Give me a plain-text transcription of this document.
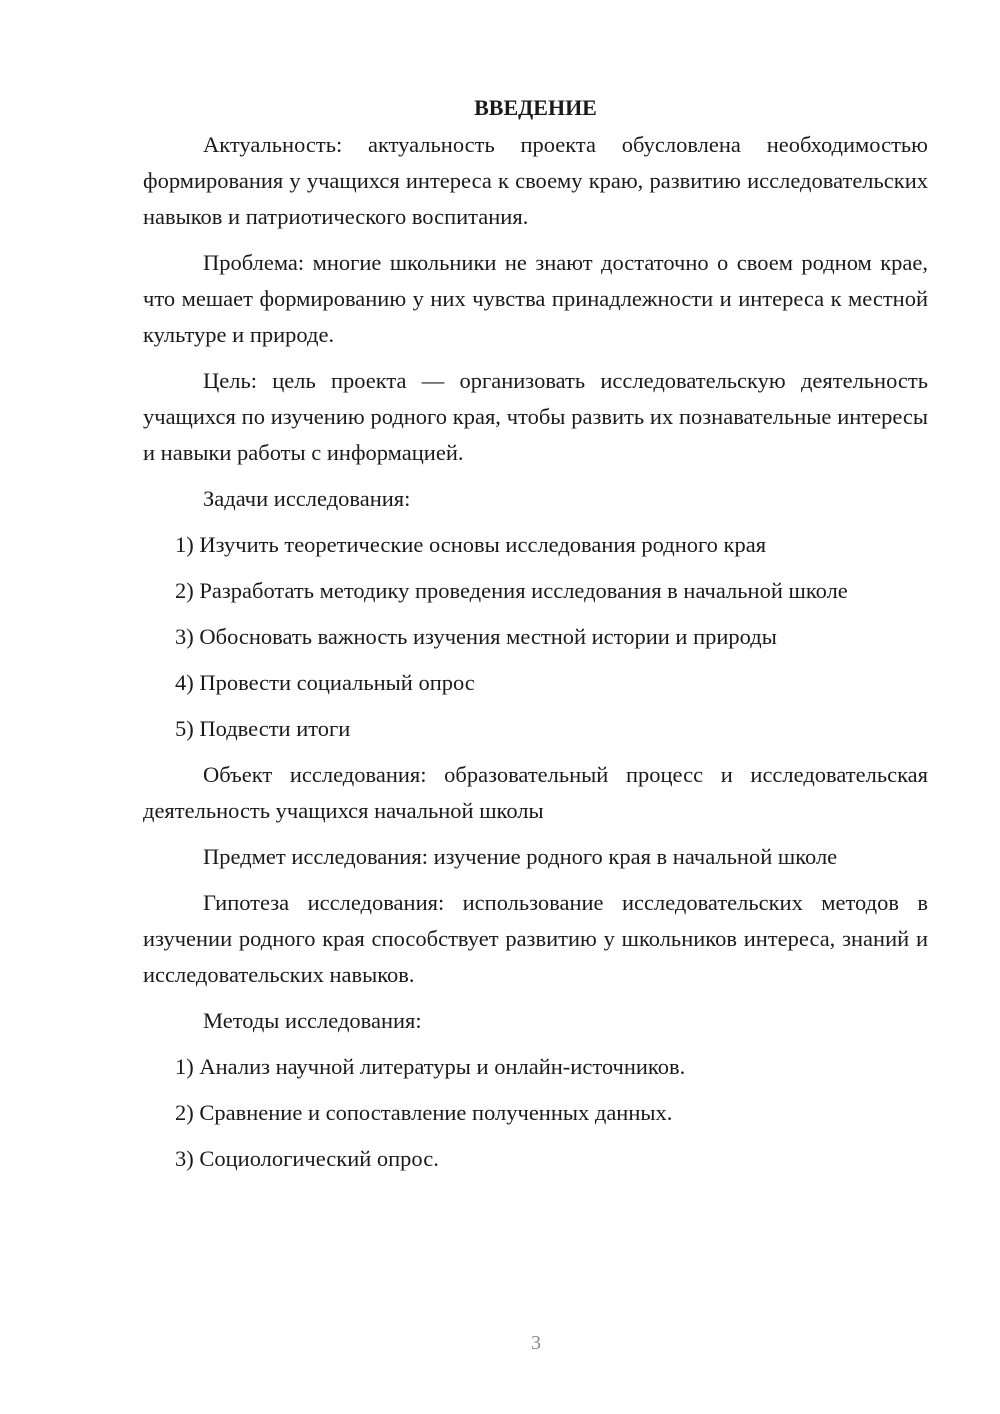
ВВЕДЕНИЕ
Актуальность: актуальность проекта обусловлена необходимостью формирования у учащихся интереса к своему краю, развитию исследовательских навыков и патриотического воспитания.
Проблема: многие школьники не знают достаточно о своем родном крае, что мешает формированию у них чувства принадлежности и интереса к местной культуре и природе.
Цель: цель проекта — организовать исследовательскую деятельность учащихся по изучению родного края, чтобы развить их познавательные интересы и навыки работы с информацией.
Задачи исследования:
1) Изучить теоретические основы исследования родного края
2) Разработать методику проведения исследования в начальной школе
3) Обосновать важность изучения местной истории и природы
4) Провести социальный опрос
5) Подвести итоги
Объект исследования: образовательный процесс и исследовательская деятельность учащихся начальной школы
Предмет исследования: изучение родного края в начальной школе
Гипотеза исследования: использование исследовательских методов в изучении родного края способствует развитию у школьников интереса, знаний и исследовательских навыков.
Методы исследования:
1) Анализ научной литературы и онлайн-источников.
2) Сравнение и сопоставление полученных данных.
3) Социологический опрос.
3
